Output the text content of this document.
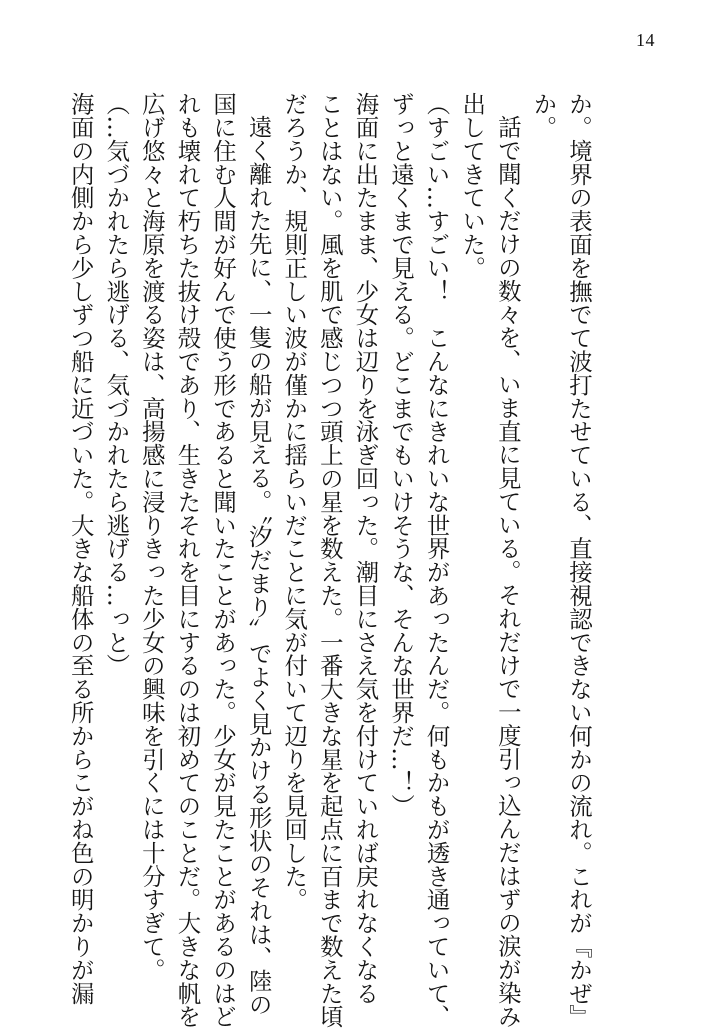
14

か。境界の表面を撫でて波打たせている、直接視認できない何かの流れ。これが『かぜ』

か。

話で聞くだけの数々を、いま直に見ている。それだけで一度引っ込んだはずの涙が染み

出してきていた。

（すごい…すごい！　こんなにきれいな世界があったんだ。何もかもが透き通っていて、

ずっと遠くまで見える。どこまでもいけそうな、そんな世界だ…！）

海面に出たまま、少女は辺りを泳ぎ回った。潮目にさえ気を付けていれば戻れなくなる

ことはない。風を肌で感じつつ頭上の星を数えた。一番大きな星を起点に百まで数えた頃

だろうか、規則正しい波が僅かに揺らいだことに気が付いて辺りを見回した。

遠く離れた先に、一隻の船が見える。〝汐だまり〟でよく見かける形状のそれは、陸の

国に住む人間が好んで使う形であると聞いたことがあった。少女が見たことがあるのはど

れも壊れて朽ちた抜け殻であり、生きたそれを目にするのは初めてのことだ。大きな帆を

広げ悠々と海原を渡る姿は、高揚感に浸りきった少女の興味を引くには十分すぎて。

（…気づかれたら逃げる、気づかれたら逃げる…っと）

海面の内側から少しずつ船に近づいた。大きな船体の至る所からこがね色の明かりが漏
